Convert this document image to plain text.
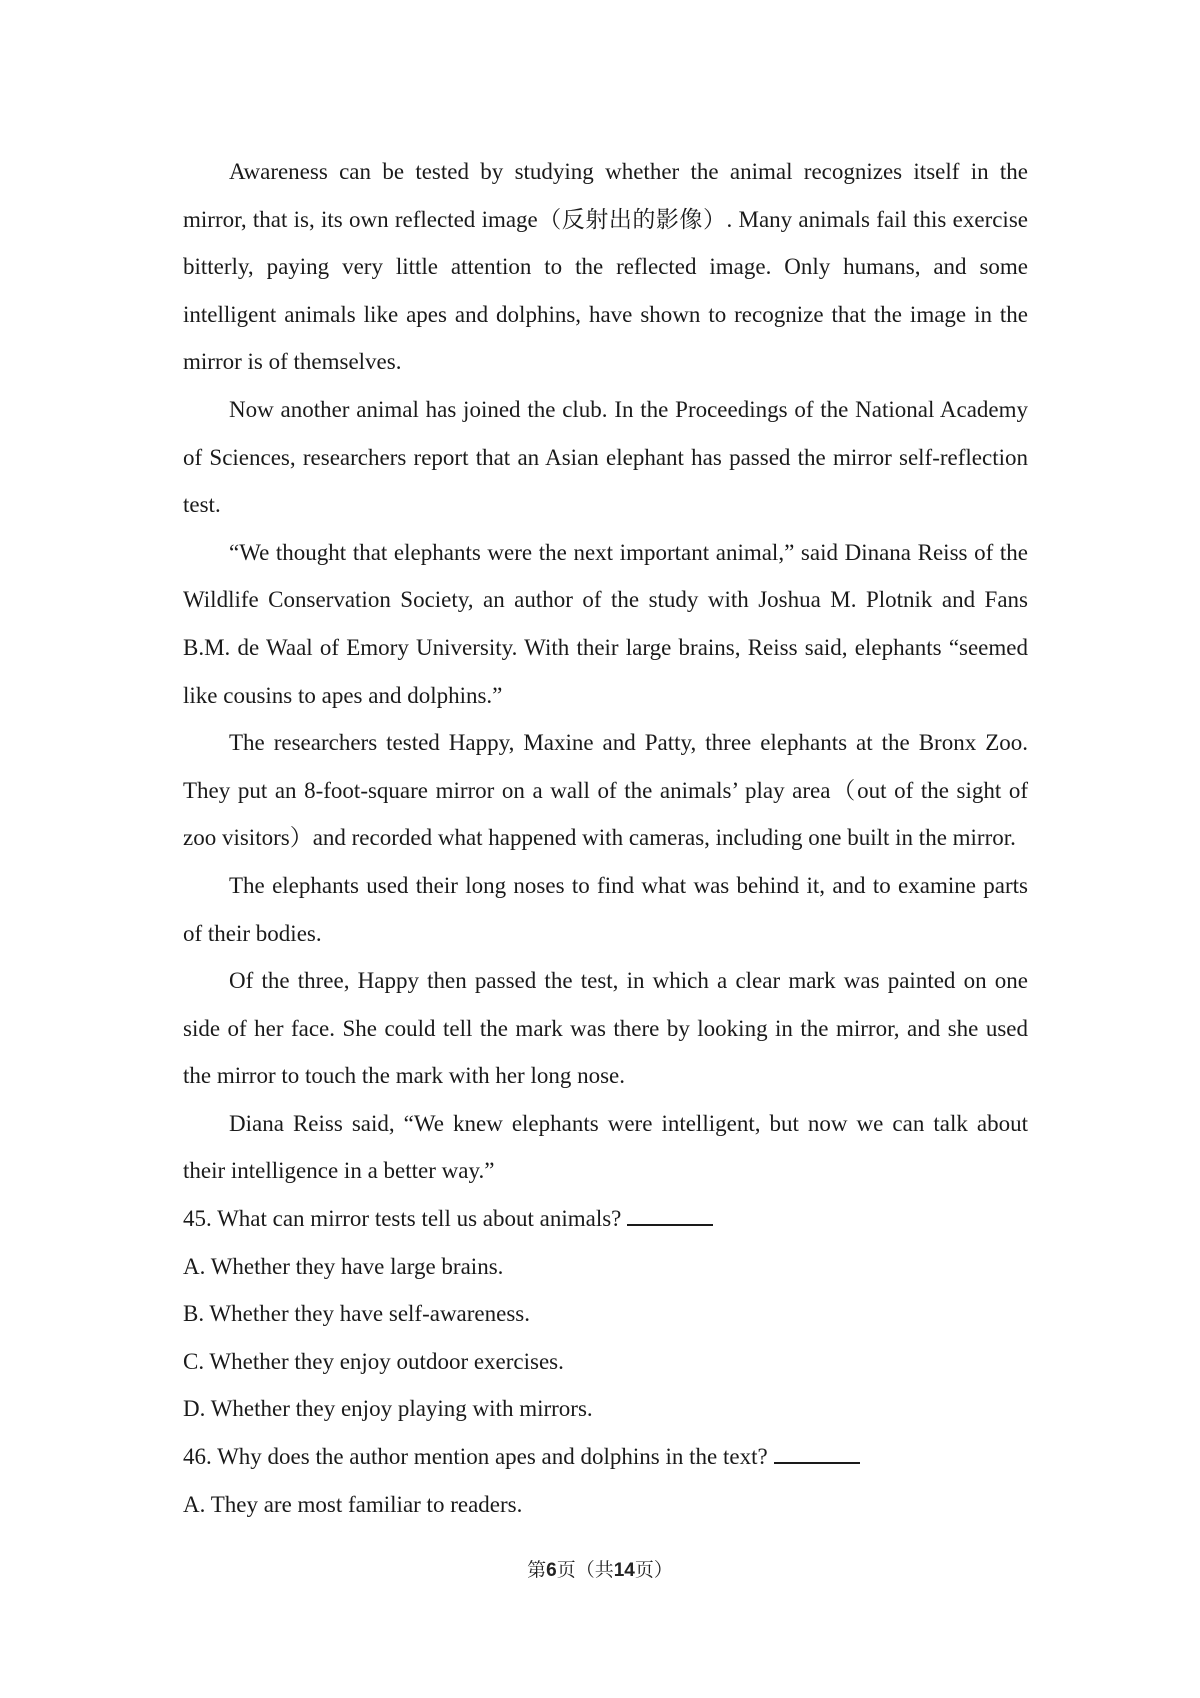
Awareness can be tested by studying whether the animal recognizes itself in the mirror, that is, its own reflected image（反射出的影像）. Many animals fail this exercise bitterly, paying very little attention to the reflected image. Only humans, and some intelligent animals like apes and dolphins, have shown to recognize that the image in the mirror is of themselves.

Now another animal has joined the club. In the Proceedings of the National Academy of Sciences, researchers report that an Asian elephant has passed the mirror self-reflection test.

“We thought that elephants were the next important animal,” said Dinana Reiss of the Wildlife Conservation Society, an author of the study with Joshua M. Plotnik and Fans B.M. de Waal of Emory University. With their large brains, Reiss said, elephants “seemed like cousins to apes and dolphins.”

The researchers tested Happy, Maxine and Patty, three elephants at the Bronx Zoo. They put an 8-foot-square mirror on a wall of the animals’ play area（out of the sight of zoo visitors）and recorded what happened with cameras, including one built in the mirror.

The elephants used their long noses to find what was behind it, and to examine parts of their bodies.

Of the three, Happy then passed the test, in which a clear mark was painted on one side of her face. She could tell the mark was there by looking in the mirror, and she used the mirror to touch the mark with her long nose.

Diana Reiss said, “We knew elephants were intelligent, but now we can talk about their intelligence in a better way.”

45. What can mirror tests tell us about animals?

A. Whether they have large brains.

B. Whether they have self-awareness.

C. Whether they enjoy outdoor exercises.

D. Whether they enjoy playing with mirrors.

46. Why does the author mention apes and dolphins in the text?

A. They are most familiar to readers.

第6页（共14页）
